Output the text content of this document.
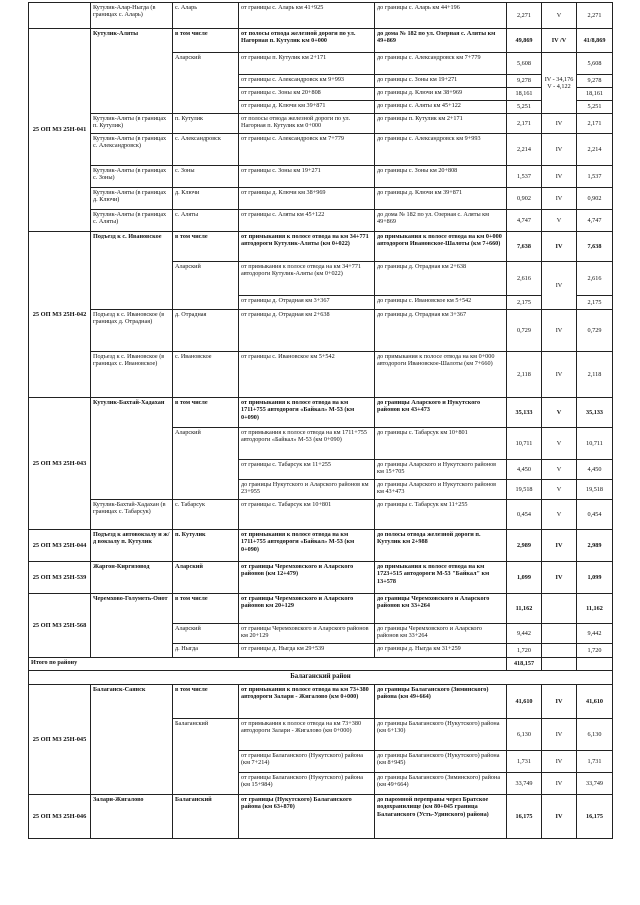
	Кутулик-Алар-Ныгда (в границах с. Аларь)	с. Аларь	от границы с. Аларь км 41+925	до границы с. Аларь км 44+196	2,271	V	2,271
25 ОП МЗ 25Н-041	Кутулик-Аляты	в том числе	от полосы отвода железной дороги по ул. Нагорная п. Кутулик км 0+000	до дома № 182 по ул. Озерная с. Аляты км 49+869	49,869	IV /V	41/8,869
		Аларский	от границы п. Кутулик км 2+171	до границы с. Александровск км 7+779	5,608	IV - 34,176 V - 4,122	5,608
			от границы с. Александровск км 9+993	до границы с. Зоны км 19+271	9,278		9,278
			от границы с. Зоны км 20+808	до границы д. Ключи км 38+969	18,161		18,161
			от границы д. Ключи км 39+871	до границы с. Аляты км 45+122	5,251		5,251
	Кутулик-Аляты (в границах п. Кутулик)	п. Кутулик	от полосы отвода железной дороги по ул. Нагорная п. Кутулик км 0+000	до границы п. Кутулик км 2+171	2,171	IV	2,171
	Кутулик-Аляты (в границах с. Александровск)	с. Александровск	от границы с. Александровск км 7+779	до границы с. Александровск км 9+993	2,214	IV	2,214
	Кутулик-Аляты (в границах с. Зоны)	с. Зоны	от границы с. Зоны км 19+271	до границы с. Зоны км 20+808	1,537	IV	1,537
	Кутулик-Аляты (в границах д. Ключи)	д. Ключи	от границы д. Ключи км 38+969	до границы д. Ключи км 39+871	0,902	IV	0,902
	Кутулик-Аляты (в границах с. Аляты)	с. Аляты	от границы с. Аляты км 45+122	до дома № 182 по ул. Озерная с. Аляты км 49+869	4,747	V	4,747
25 ОП МЗ 25Н-042	Подъезд к с. Ивановское	в том числе	от примыкания к полосе отвода на км 34+771 автодороги Кутулик-Аляты (км 0+022)	до примыкания к полосе отвода на км 0+000 автодороги Ивановское-Шалоты (км 7+660)	7,638	IV	7,638
		Аларский	от примыкания к полосе отвода на км 34+771 автодороги Кутулик-Аляты (км 0+022)	до границы д. Отрадная км 2+638	2,616	IV	2,616
			от границы д. Отрадная км 3+367	до границы с. Ивановское км 5+542	2,175		2,175
	Подъезд к с. Ивановское (в границах д. Отрадная)	д. Отрадная	от границы д. Отрадная км 2+638	до границы д. Отрадная км 3+367	0,729	IV	0,729
	Подъезд к с. Ивановское (в границах с. Ивановское)	с. Ивановское	от границы с. Ивановское км 5+542	до примыкания к полосе отвода на км 0+000 автодороги Ивановское-Шалоты (км 7+660)	2,118	IV	2,118
25 ОП МЗ 25Н-043	Кутулик-Бахтай-Хадахан	в том числе	от примыкания к полосе отвода на км 1711+755 автодороги «Байкал» М-53 (км 0+090)	до границы Аларского и Нукутского районов км 43+473	35,133	V	35,133
		Аларский	от примыкания к полосе отвода на км 1711+755 автодороги «Байкал» М-53 (км 0+090)	до границы с. Табарсук км 10+801	10,711	V	10,711
			от границы с. Табарсук км 11+255	до границы Аларского и Нукутского районов км 15+705	4,450	V	4,450
			до границы Нукутского и Аларского районов км 23+955	до границы Аларского и Нукутского районов км 43+473	19,518	V	19,518
	Кутулик-Бахтай-Хадахан (в границах с. Табарсук)	с. Табарсук	от границы с. Табарсук км 10+801	до границы с. Табарсук км 11+255	0,454	V	0,454
25 ОП МЗ 25Н-044	Подъезд к автовокзалу и ж/д вокзалу п. Кутулик	п. Кутулик	от примыкания к полосе отвода на км 1711+755 автодороги «Байкал» М-53 (км 0+090)	до полосы отвода железной дороги п. Кутулик км 2+988	2,989	IV	2,989
25 ОП МЗ 25Н-539	Жаргон-Киргизовод	Аларский	от границы Черемховского и Аларского районов (км 12+479)	до примыкания к полосе отвода на км 1723+515 автодороги М-53 "Байкал" км 13+578	1,099	IV	1,099
25 ОП МЗ 25Н-568	Черемхово-Голуметь-Онот	в том числе	от границы Черемховского и Аларского районов км 20+129	до границы Черемховского и Аларского районов км 33+264	11,162		11,162
		Аларский	от границы Черемховского и Аларского районов км 20+129	до границы Черемховского и Аларского районов км 33+264	9,442		9,442
		д. Ныгда	от границы д. Ныгда км 29+539	до границы д. Ныгда км 31+259	1,720		1,720
Итого по району					418,157		
Балаганский район							
25 ОП МЗ 25Н-045	Балаганск-Саянск	в том числе	от примыкания к полосе отвода на км 73+380 автодороги Залари - Жигалово (км 0+000)	до границы Балаганского (Зиминского) района (км 49+664)	41,610	IV	41,610
		Балаганский	от примыкания к полосе отвода на км 73+380 автодороги Залари - Жигалово (км 0+000)	до границы Балаганского (Нукутского) района (км 6+130)	6,130	IV	6,130
			от границы Балаганского (Нукутского) района (км 7+214)	до границы Балаганского (Нукутского) района (км 8+945)	1,731	IV	1,731
			от границы Балаганского (Нукутского) района (км 15+984)	до границы Балаганского (Зиминского) района (км 49+664)	33,749	IV	33,749
25 ОП МЗ 25Н-046	Залари-Жигалово	Балаганский	от границы (Нукутского) Балаганского района (км 63+870)	до паромной переправы через Братское водохранилище (км 80+045 граница Балаганского (Усть-Удинского) района)	16,175	IV	16,175
